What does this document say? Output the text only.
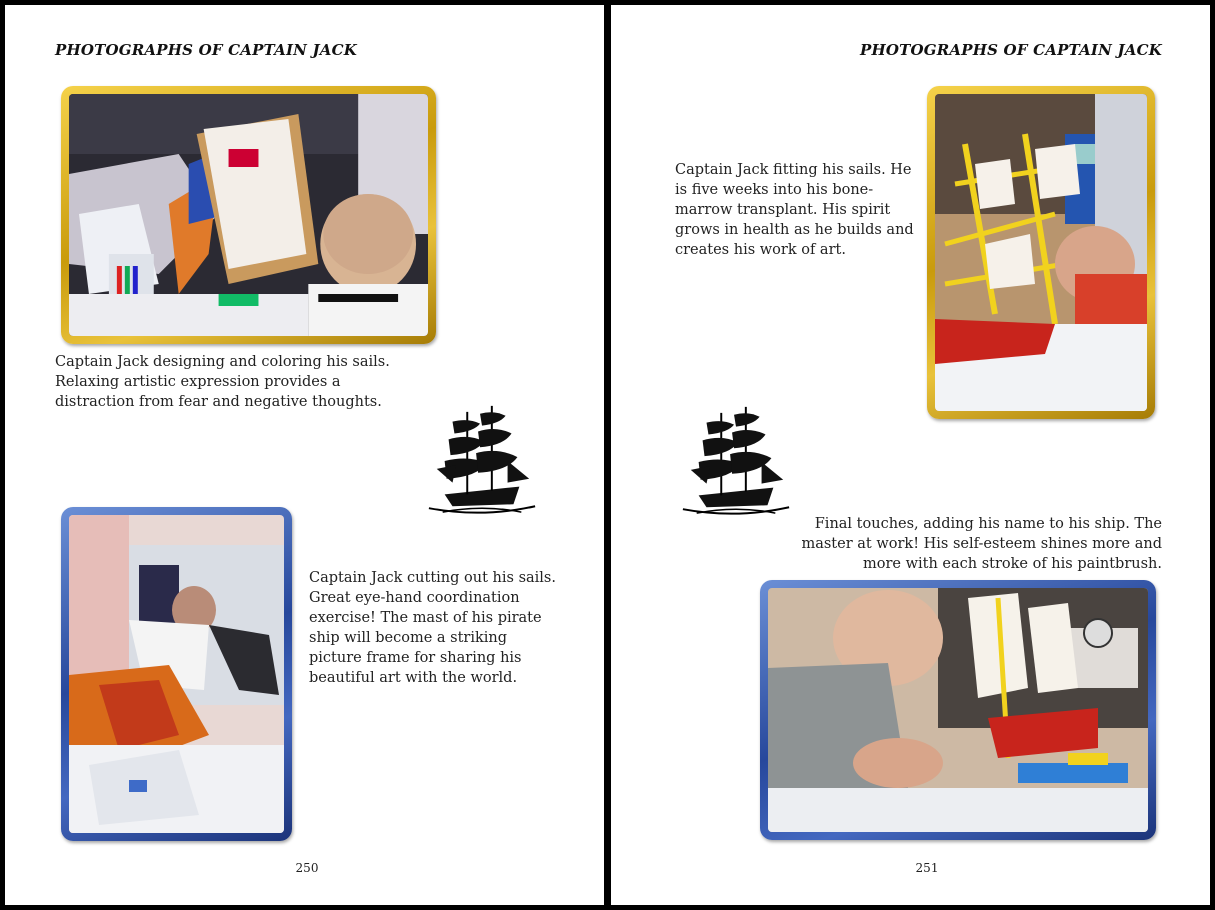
PHOTOGRAPHS OF CAPTAIN JACK
Captain Jack designing and coloring his sails.
Relaxing artistic expression provides a
distraction from fear and negative thoughts.
Captain Jack cutting out his sails.
Great eye-hand coordination
exercise! The mast of his pirate
ship will become a striking
picture frame for sharing his
beautiful art with the world.
250
PHOTOGRAPHS OF CAPTAIN JACK
Captain Jack fitting his sails. He
is five weeks into his bone-
marrow transplant. His spirit
grows in health as he builds and
creates his work of art.
Final touches, adding his name to his ship. The
master at work! His self-esteem shines more and
more with each stroke of his paintbrush.
251
